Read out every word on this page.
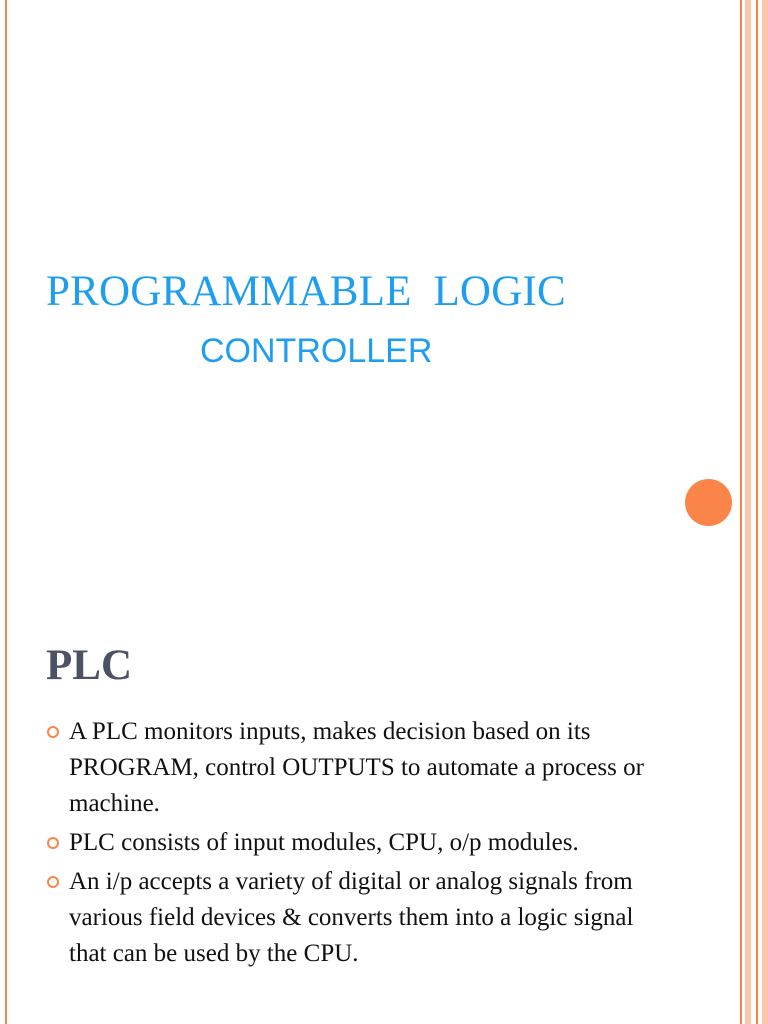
PROGRAMMABLE  LOGIC
CONTROLLER
PLC
A PLC monitors inputs, makes decision based on its PROGRAM, control OUTPUTS to automate a process or machine.
PLC consists of input modules, CPU, o/p modules.
An i/p accepts a variety of digital or analog signals from various field devices & converts them into a logic signal that can be used by the CPU.
